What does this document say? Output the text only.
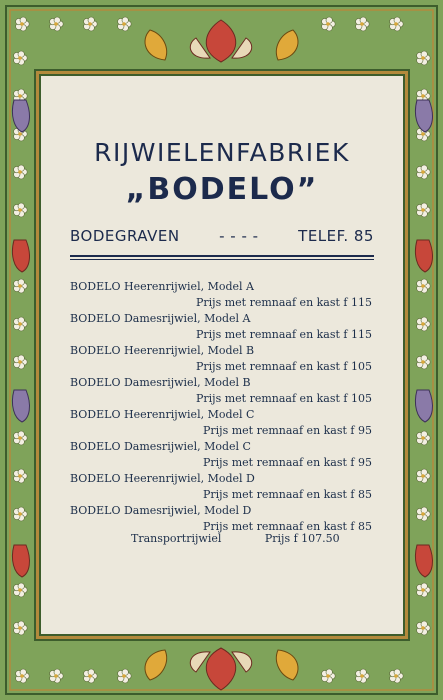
RIJWIELENFABRIEK
„BODELO”
BODEGRAVEN	- - - -	TELEF. 85
BODELO Heerenrijwiel, Model A
Prijs met remnaaf en kast f 115
BODELO Damesrijwiel, Model A
Prijs met remnaaf en kast f 115
BODELO Heerenrijwiel, Model B
Prijs met remnaaf en kast f 105
BODELO Damesrijwiel, Model B
Prijs met remnaaf en kast f 105
BODELO Heerenrijwiel, Model C
Prijs met remnaaf en kast f 95
BODELO Damesrijwiel, Model C
Prijs met remnaaf en kast f 95
BODELO Heerenrijwiel, Model D
Prijs met remnaaf en kast f 85
BODELO Damesrijwiel, Model D
Prijs met remnaaf en kast f 85
Transportrijwiel	Prijs f 107.50
